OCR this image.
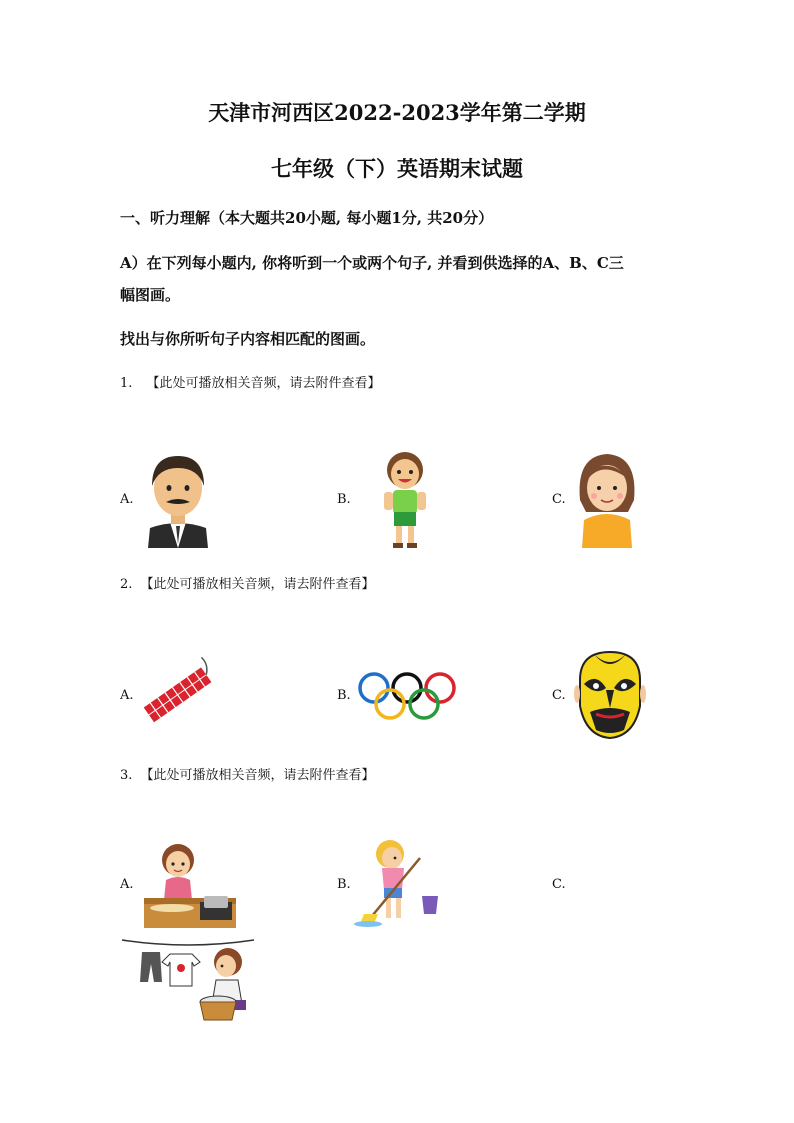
天津市河西区2022-2023学年第二学期
七年级（下）英语期末试题
一、听力理解（本大题共20小题, 每小题1分, 共20分）
A）在下列每小题内, 你将听到一个或两个句子, 并看到供选择的A、B、C三
幅图画。
找出与你所听句子内容相匹配的图画。
1. 【此处可播放相关音频，请去附件查看】
A.	B.	C.
2. 【此处可播放相关音频，请去附件查看】
A.	B.	C.
3. 【此处可播放相关音频，请去附件查看】
A.	B.	C.
